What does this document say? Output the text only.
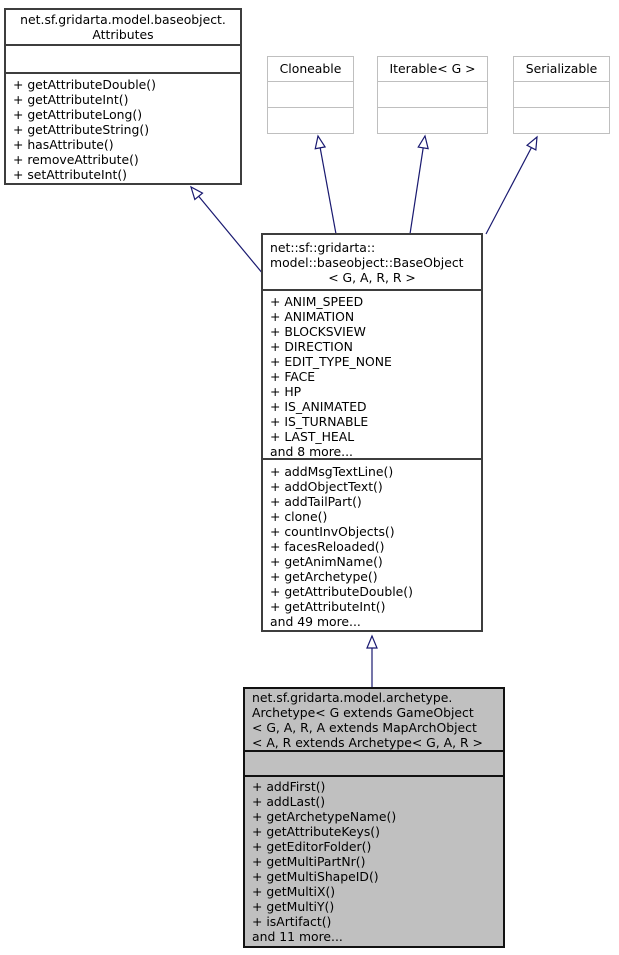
net.sf.gridarta.model.baseobject.
Attributes
+ getAttributeDouble()
+ getAttributeInt()
+ getAttributeLong()
+ getAttributeString()
+ hasAttribute()
+ removeAttribute()
+ setAttributeInt()
Cloneable	Iterable< G >	Serializable
net::sf::gridarta::
model::baseobject::BaseObject
< G, A, R, R >
+ ANIM_SPEED
+ ANIMATION
+ BLOCKSVIEW
+ DIRECTION
+ EDIT_TYPE_NONE
+ FACE
+ HP
+ IS_ANIMATED
+ IS_TURNABLE
+ LAST_HEAL
and 8 more...
+ addMsgTextLine()
+ addObjectText()
+ addTailPart()
+ clone()
+ countInvObjects()
+ facesReloaded()
+ getAnimName()
+ getArchetype()
+ getAttributeDouble()
+ getAttributeInt()
and 49 more...
net.sf.gridarta.model.archetype.
Archetype< G extends GameObject
< G, A, R, A extends MapArchObject
< A, R extends Archetype< G, A, R >
+ addFirst()
+ addLast()
+ getArchetypeName()
+ getAttributeKeys()
+ getEditorFolder()
+ getMultiPartNr()
+ getMultiShapeID()
+ getMultiX()
+ getMultiY()
+ isArtifact()
and 11 more...
